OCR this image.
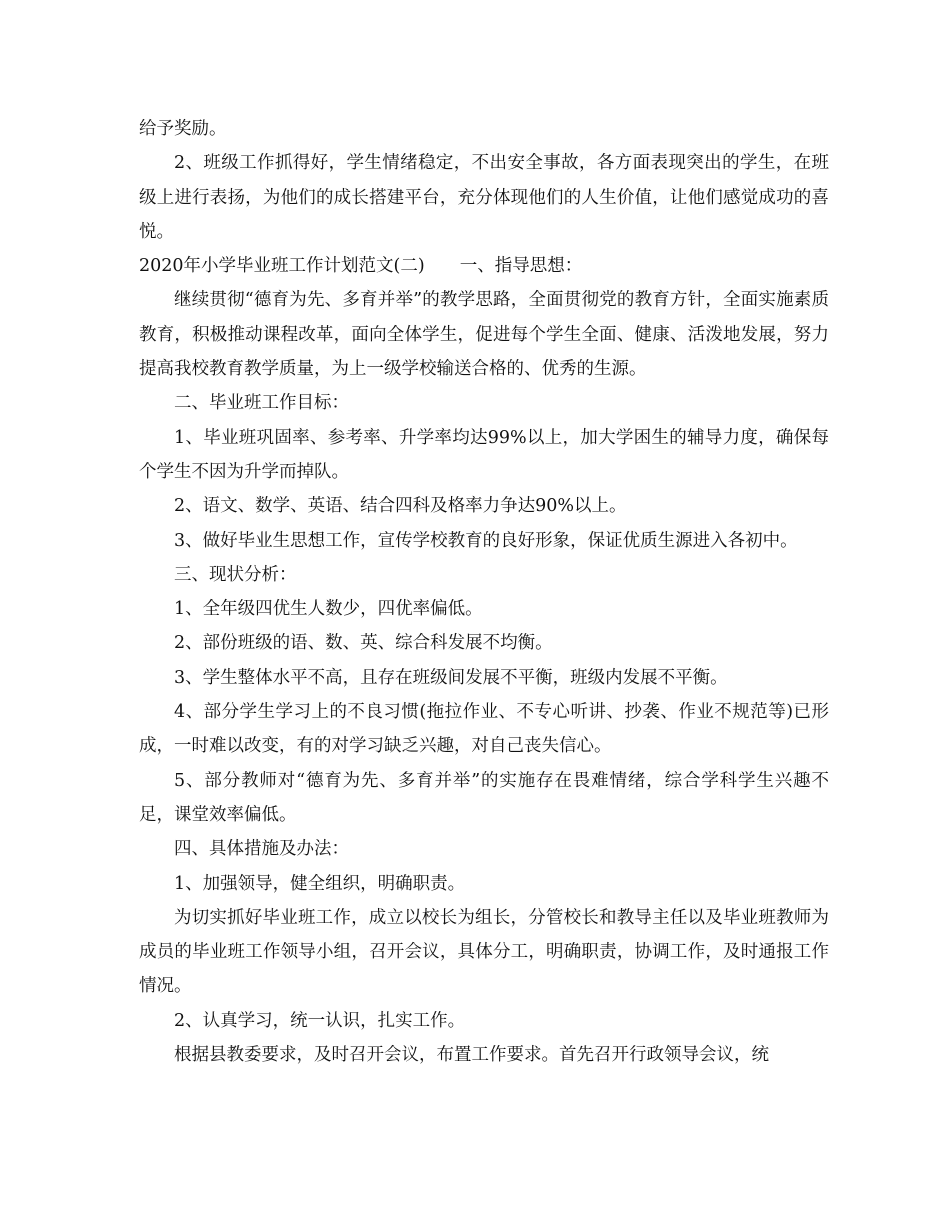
给予奖励。

2、班级工作抓得好，学生情绪稳定，不出安全事故，各方面表现突出的学生，在班级上进行表扬，为他们的成长搭建平台，充分体现他们的人生价值，让他们感觉成功的喜悦。

2020年小学毕业班工作计划范文(二)　　一、指导思想：

继续贯彻“德育为先、多育并举”的教学思路，全面贯彻党的教育方针，全面实施素质教育，积极推动课程改革，面向全体学生，促进每个学生全面、健康、活泼地发展，努力提高我校教育教学质量，为上一级学校输送合格的、优秀的生源。

二、毕业班工作目标：

1、毕业班巩固率、参考率、升学率均达99%以上，加大学困生的辅导力度，确保每个学生不因为升学而掉队。

2、语文、数学、英语、结合四科及格率力争达90%以上。

3、做好毕业生思想工作，宣传学校教育的良好形象，保证优质生源进入各初中。

三、现状分析：

1、全年级四优生人数少，四优率偏低。

2、部份班级的语、数、英、综合科发展不均衡。

3、学生整体水平不高，且存在班级间发展不平衡，班级内发展不平衡。

4、部分学生学习上的不良习惯(拖拉作业、不专心听讲、抄袭、作业不规范等)已形成，一时难以改变，有的对学习缺乏兴趣，对自己丧失信心。

5、部分教师对“德育为先、多育并举”的实施存在畏难情绪，综合学科学生兴趣不足，课堂效率偏低。

四、具体措施及办法：

1、加强领导，健全组织，明确职责。

为切实抓好毕业班工作，成立以校长为组长，分管校长和教导主任以及毕业班教师为成员的毕业班工作领导小组，召开会议，具体分工，明确职责，协调工作，及时通报工作情况。

2、认真学习，统一认识，扎实工作。

根据县教委要求，及时召开会议，布置工作要求。首先召开行政领导会议，统
